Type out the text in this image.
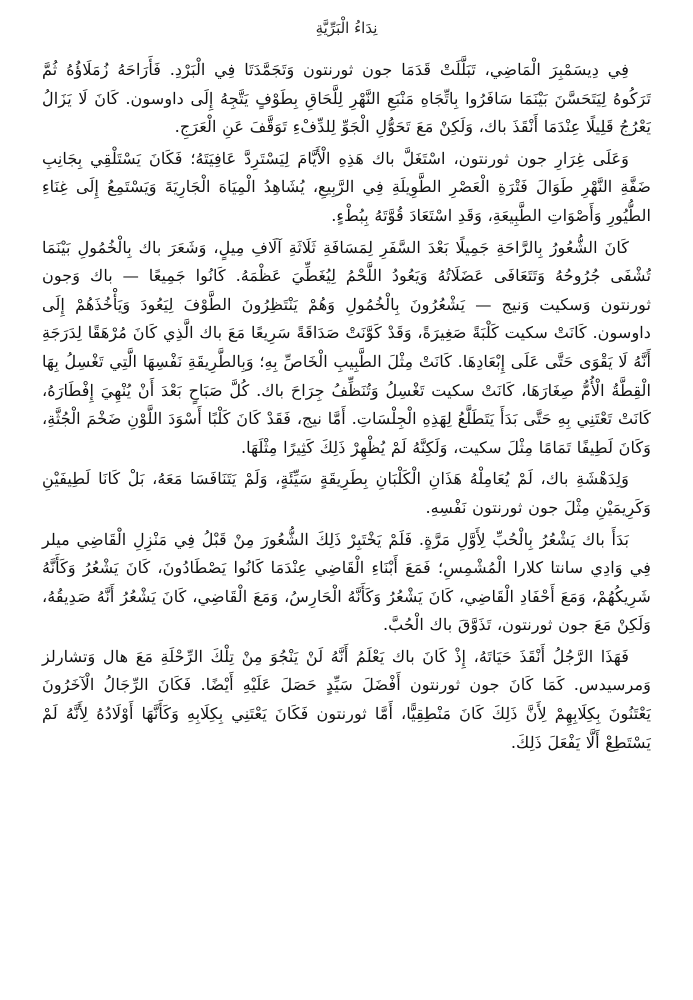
نِدَاءُ الْبَرِّيَّةِ

فِي دِيسَمْبِرَ الْمَاضِي، تَبَلَّلَتْ قَدَمَا جون ثورنتون وَتَجَمَّدَتَا فِي الْبَرْدِ. فَأَرَاحَهُ زُمَلَاؤُهُ ثُمَّ تَرَكُوهُ لِيَتَحَسَّنَ بَيْنَمَا سَافَرُوا بِاتِّجَاهِ مَنْبَعِ النَّهْرِ لِلَّحَاقِ بِطَوْفٍ يَتَّجِهُ إِلَى داوسون. كَانَ لَا يَزَالُ يَعْرُجُ قَلِيلًا عِنْدَمَا أَنْقَذَ باك، وَلَكِنْ مَعَ تَحَوُّلِ الْجَوِّ لِلدِّفْءِ تَوَقَّفَ عَنِ الْعَرَجِ.

وَعَلَى غِرَارِ جون ثورنتون، اسْتَغَلَّ باك هَذِهِ الْأَيَّامَ لِيَسْتَرِدَّ عَافِيَتَهُ؛ فَكَانَ يَسْتَلْقِي بِجَانِبِ ضَفَّةِ النَّهْرِ طَوَالَ فَتْرَةِ الْعَصْرِ الطَّوِيلَةِ فِي الرَّبِيعِ، يُشَاهِدُ الْمِيَاهَ الْجَارِيَةَ وَيَسْتَمِعُ إِلَى غِنَاءِ الطُّيُورِ وَأَصْوَاتِ الطَّبِيعَةِ، وَقَدِ اسْتَعَادَ قُوَّتَهُ بِبُطْءٍ.

كَانَ الشُّعُورُ بِالرَّاحَةِ جَمِيلًا بَعْدَ السَّفَرِ لِمَسَافَةِ ثَلَاثَةِ آلَافِ مِيلٍ، وَشَعَرَ باك بِالْخُمُولِ بَيْنَمَا تُشْفَى جُرُوحُهُ وَتَتَعَافَى عَضَلَاتُهُ وَيَعُودُ اللَّحْمُ لِيُغَطِّيَ عَظْمَهُ. كَانُوا جَمِيعًا — باك وَجون ثورنتون وَسكيت وَنيج — يَشْعُرُونَ بِالْخُمُولِ وَهُمْ يَنْتَظِرُونَ الطَّوْفَ لِيَعُودَ وَيَأْخُذَهُمْ إِلَى داوسون. كَانَتْ سكيت كَلْبَةً صَغِيرَةً، وَقَدْ كَوَّنَتْ صَدَاقَةً سَرِيعًا مَعَ باك الَّذِي كَانَ مُرْهَقًا لِدَرَجَةِ أَنَّهُ لَا يَقْوَى حَتَّى عَلَى إِبْعَادِهَا. كَانَتْ مِثْلَ الطَّبِيبِ الْخَاصِّ بِهِ؛ وَبِالطَّرِيقَةِ نَفْسِهَا الَّتِي تَغْسِلُ بِهَا الْقِطَّةُ الْأُمُّ صِغَارَهَا، كَانَتْ سكيت تَغْسِلُ وَتُنَظِّفُ جِرَاحَ باك. كُلَّ صَبَاحٍ بَعْدَ أَنْ يُنْهِيَ إِفْطَارَهُ، كَانَتْ تَعْتَنِي بِهِ حَتَّى بَدَأَ يَتَطَلَّعُ لِهَذِهِ الْجِلْسَاتِ. أَمَّا نيج، فَقَدْ كَانَ كَلْبًا أَسْوَدَ اللَّوْنِ ضَخْمَ الْجُثَّةِ، وَكَانَ لَطِيفًا تَمَامًا مِثْلَ سكيت، وَلَكِنَّهُ لَمْ يُظْهِرْ ذَلِكَ كَثِيرًا مِثْلَهَا.

وَلِدَهْشَةِ باك، لَمْ يُعَامِلْهُ هَذَانِ الْكَلْبَانِ بِطَرِيقَةٍ سَيِّئَةٍ، وَلَمْ يَتَنَافَسَا مَعَهُ، بَلْ كَانَا لَطِيفَيْنِ وَكَرِيمَيْنِ مِثْلَ جون ثورنتون نَفْسِهِ.

بَدَأَ باك يَشْعُرُ بِالْحُبِّ لِأَوَّلِ مَرَّةٍ. فَلَمْ يَخْتَبِرْ ذَلِكَ الشُّعُورَ مِنْ قَبْلُ فِي مَنْزِلِ الْقَاضِي ميلر فِي وَادِي سانتا كلارا الْمُشْمِسِ؛ فَمَعَ أَبْنَاءِ الْقَاضِي عِنْدَمَا كَانُوا يَصْطَادُونَ، كَانَ يَشْعُرُ وَكَأَنَّهُ شَرِيكُهُمْ، وَمَعَ أَحْفَادِ الْقَاضِي، كَانَ يَشْعُرُ وَكَأَنَّهُ الْحَارِسُ، وَمَعَ الْقَاضِي، كَانَ يَشْعُرُ أَنَّهُ صَدِيقُهُ، وَلَكِنْ مَعَ جون ثورنتون، تَذَوَّقَ باك الْحُبَّ.

فَهَذَا الرَّجُلُ أَنْقَذَ حَيَاتَهُ، إِذْ كَانَ باك يَعْلَمُ أَنَّهُ لَنْ يَنْجُوَ مِنْ تِلْكَ الرِّحْلَةِ مَعَ هال وَتشارلز وَمرسيدس. كَمَا كَانَ جون ثورنتون أَفْضَلَ سَيِّدٍ حَصَلَ عَلَيْهِ أَيْضًا. فَكَانَ الرِّجَالُ الْآخَرُونَ يَعْتَنُونَ بِكِلَابِهِمْ لِأَنَّ ذَلِكَ كَانَ مَنْطِقِيًّا، أَمَّا ثورنتون فَكَانَ يَعْتَنِي بِكِلَابِهِ وَكَأَنَّهَا أَوْلَادُهُ لِأَنَّهُ لَمْ يَسْتَطِعْ أَلَّا يَفْعَلَ ذَلِكَ.
